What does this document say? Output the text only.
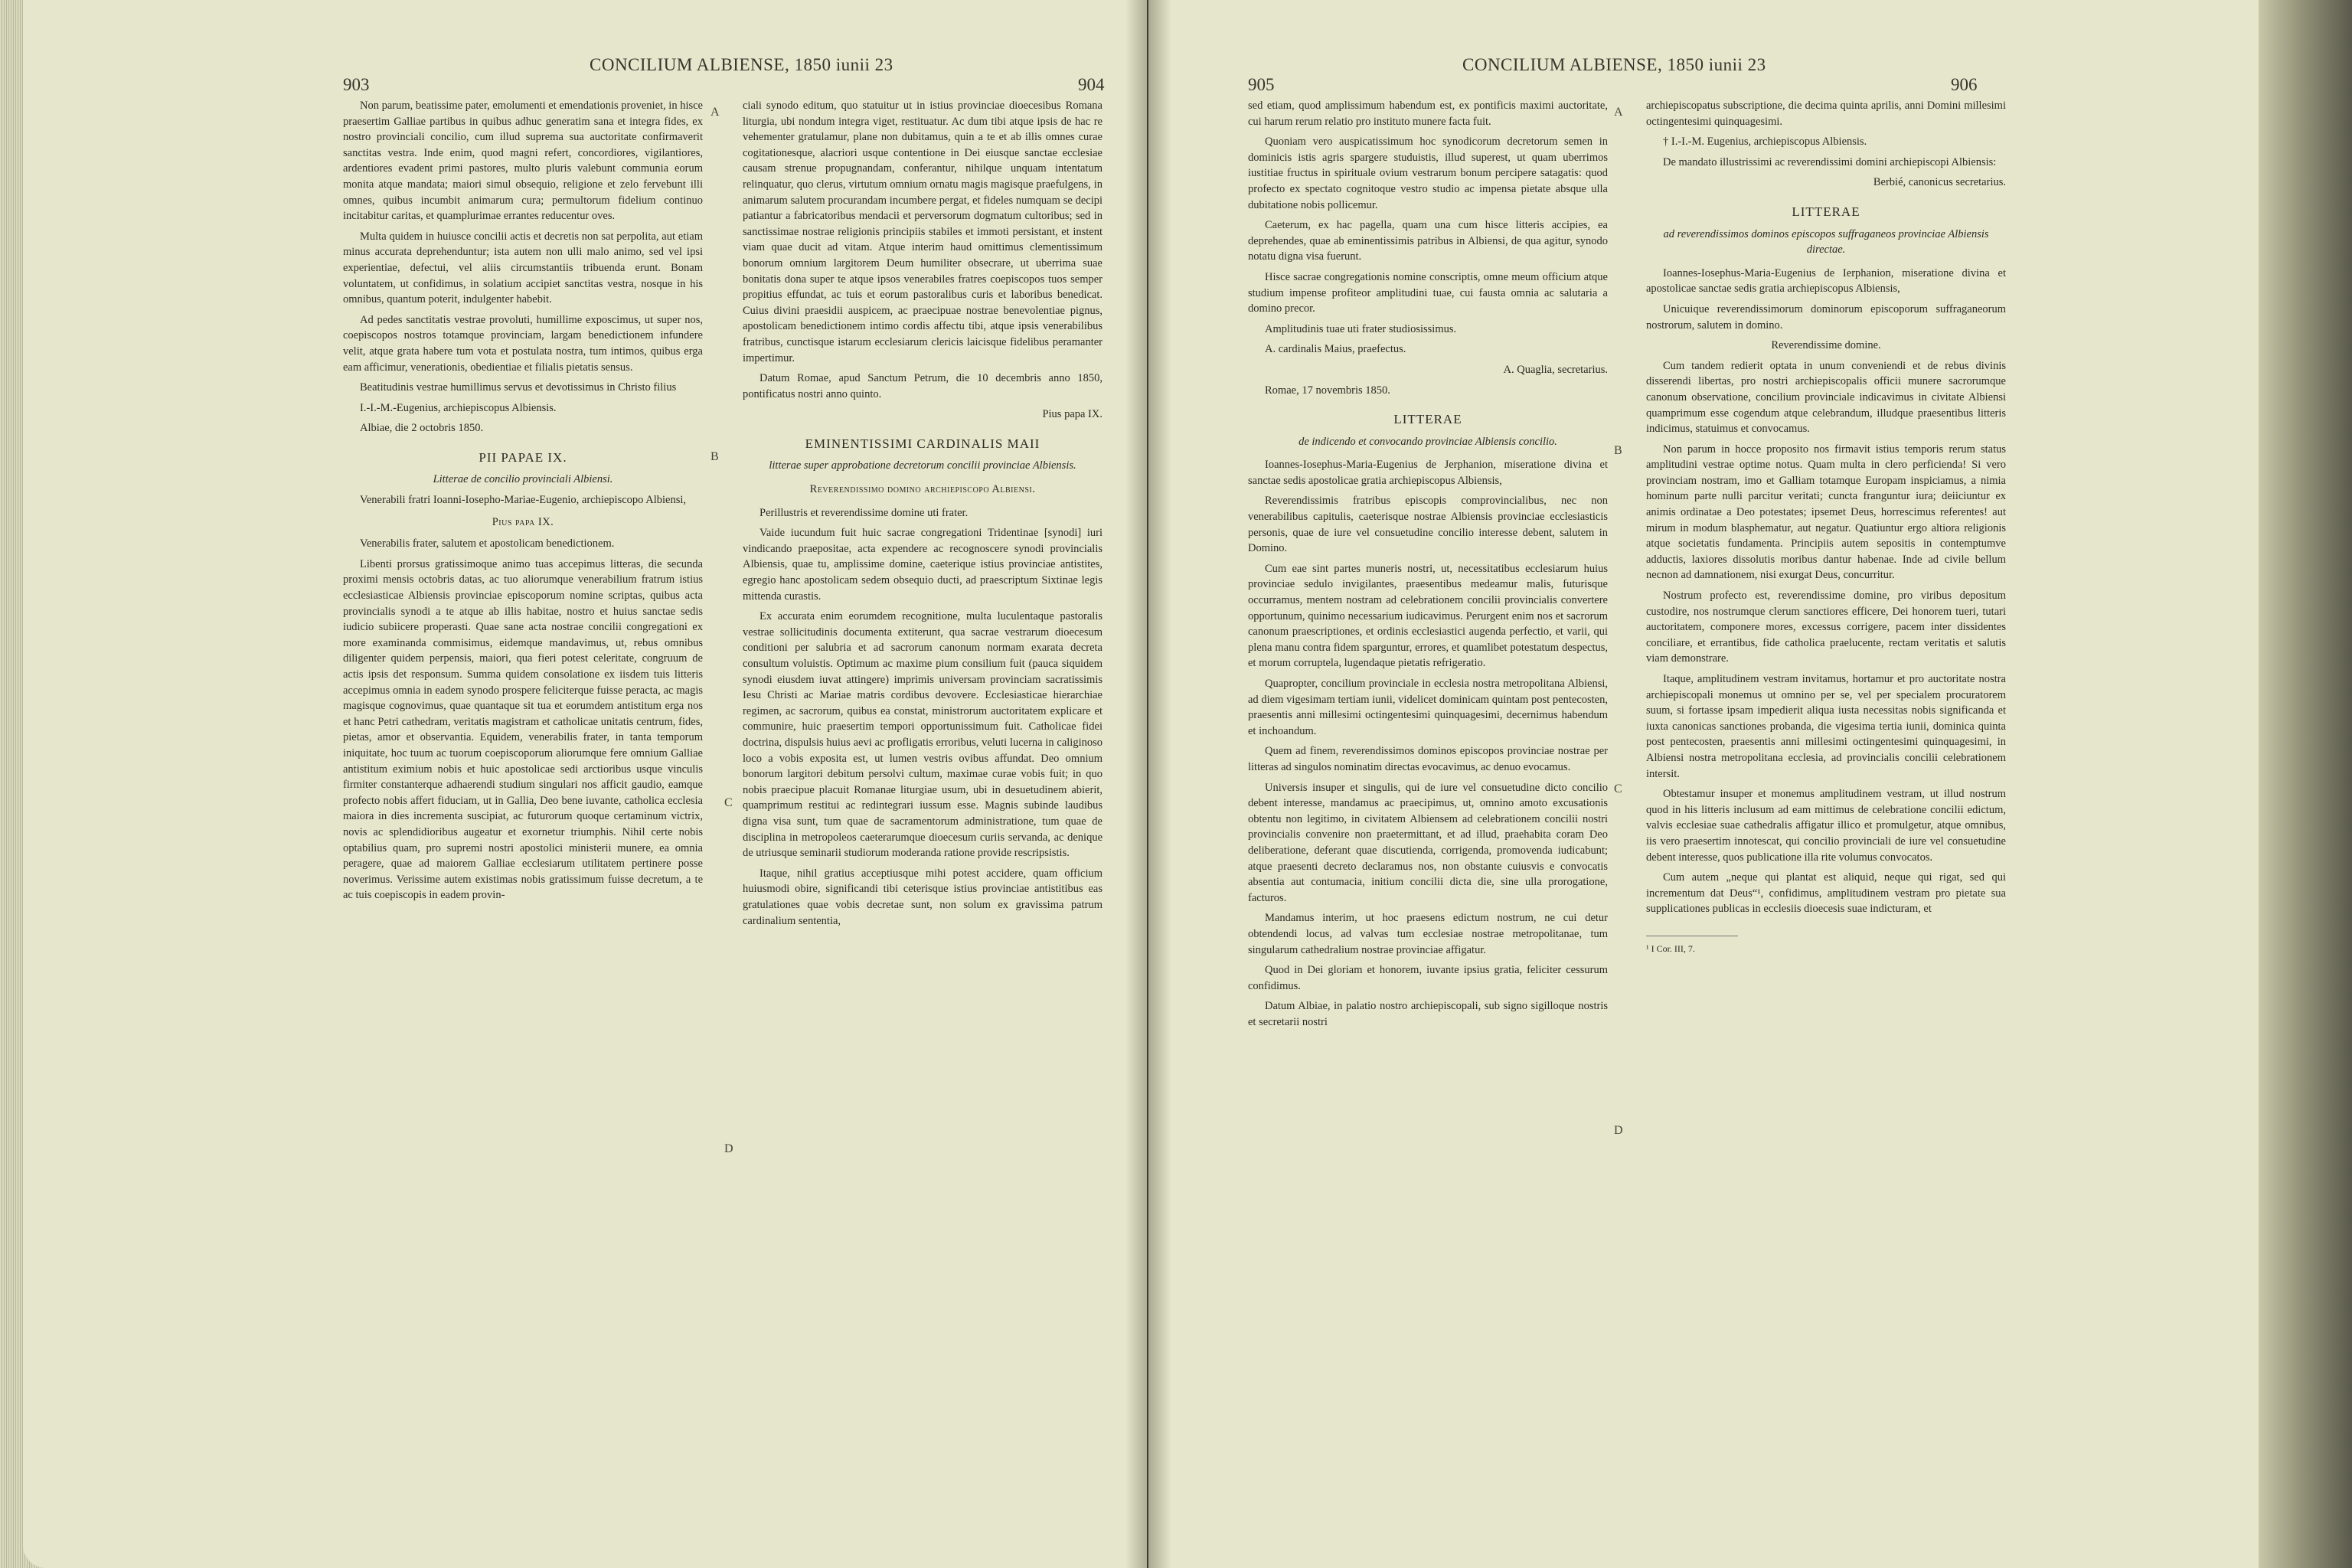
903
CONCILIUM ALBIENSE, 1850 iunii 23
904

Non parum, beatissime pater, emolumenti et emendationis proveniet, in hisce praesertim Galliae partibus in quibus adhuc generatim sana et integra fides, ex nostro provinciali concilio, cum illud suprema sua auctoritate confirmaverit sanctitas vestra. Inde enim, quod magni refert, concordiores, vigilantiores, ardentiores evadent primi pastores, multo pluris valebunt communia eorum monita atque mandata; maiori simul obsequio, religione et zelo fervebunt illi omnes, quibus incumbit animarum cura; permultorum fidelium continuo incitabitur caritas, et quamplurimae errantes reducentur oves.

Multa quidem in huiusce concilii actis et decretis non sat perpolita, aut etiam minus accurata deprehenduntur; ista autem non ulli malo animo, sed vel ipsi experientiae, defectui, vel aliis circumstantiis tribuenda erunt. Bonam voluntatem, ut confidimus, in solatium accipiet sanctitas vestra, nosque in his omnibus, quantum poterit, indulgenter habebit.

Ad pedes sanctitatis vestrae provoluti, humillime exposcimus, ut super nos, coepiscopos nostros totamque provinciam, largam benedictionem infundere velit, atque grata habere tum vota et postulata nostra, tum intimos, quibus erga eam afficimur, venerationis, obedientiae et filialis pietatis sensus.

Beatitudinis vestrae humillimus servus et devotissimus in Christo filius

I.-I.-M.-Eugenius, archiepiscopus Albiensis.

Albiae, die 2 octobris 1850.

PII PAPAE IX.
Litterae de concilio provinciali Albiensi.
Venerabili fratri Ioanni-Iosepho-Mariae-Eugenio, archiepiscopo Albiensi,
Pius papa IX.

Venerabilis frater, salutem et apostolicam benedictionem.

Libenti prorsus gratissimoque animo tuas accepimus litteras, die secunda proximi mensis octobris datas, ac tuo aliorumque venerabilium fratrum istius ecclesiasticae Albiensis provinciae episcoporum nomine scriptas, quibus acta provincialis synodi a te atque ab illis habitae, nostro et huius sanctae sedis iudicio subiicere properasti. Quae sane acta nostrae concilii congregationi ex more examinanda commisimus, eidemque mandavimus, ut, rebus omnibus diligenter quidem perpensis, maiori, qua fieri potest celeritate, congruum de actis ipsis det responsum. Summa quidem consolatione ex iisdem tuis litteris accepimus omnia in eadem synodo prospere feliciterque fuisse peracta, ac magis magisque cognovimus, quae quantaque sit tua et eorumdem antistitum erga nos et hanc Petri cathedram, veritatis magistram et catholicae unitatis centrum, fides, pietas, amor et observantia. Equidem, venerabilis frater, in tanta temporum iniquitate, hoc tuum ac tuorum coepiscoporum aliorumque fere omnium Galliae antistitum eximium nobis et huic apostolicae sedi arctioribus usque vinculis firmiter constanterque adhaerendi studium singulari nos afficit gaudio, eamque profecto nobis affert fiduciam, ut in Gallia, Deo bene iuvante, catholica ecclesia maiora in dies incrementa suscipiat, ac futurorum quoque certaminum victrix, novis ac splendidioribus augeatur et exornetur triumphis. Nihil certe nobis optabilius quam, pro supremi nostri apostolici ministerii munere, ea omnia peragere, quae ad maiorem Galliae ecclesiarum utilitatem pertinere posse noverimus. Verissime autem existimas nobis gratissimum fuisse decretum, a te ac tuis coepiscopis in eadem provin-

ciali synodo editum, quo statuitur ut in istius provinciae dioecesibus Romana liturgia, ubi nondum integra viget, restituatur. Ac dum tibi atque ipsis de hac re vehementer gratulamur, plane non dubitamus, quin a te et ab illis omnes curae cogitationesque, alacriori usque contentione in Dei eiusque sanctae ecclesiae causam strenue propugnandam, conferantur, nihilque unquam intentatum relinquatur, quo clerus, virtutum omnium ornatu magis magisque praefulgens, in animarum salutem procurandam incumbere pergat, et fideles numquam se decipi patiantur a fabricatoribus mendacii et perversorum dogmatum cultoribus; sed in sanctissimae nostrae religionis principiis stabiles et immoti persistant, et instent viam quae ducit ad vitam. Atque interim haud omittimus clementissimum bonorum omnium largitorem Deum humiliter obsecrare, ut uberrima suae bonitatis dona super te atque ipsos venerabiles fratres coepiscopos tuos semper propitius effundat, ac tuis et eorum pastoralibus curis et laboribus benedicat. Cuius divini praesidii auspicem, ac praecipuae nostrae benevolentiae pignus, apostolicam benedictionem intimo cordis affectu tibi, atque ipsis venerabilibus fratribus, cunctisque istarum ecclesiarum clericis laicisque fidelibus peramanter impertimur.

Datum Romae, apud Sanctum Petrum, die 10 decembris anno 1850, pontificatus nostri anno quinto.

Pius papa IX.

EMINENTISSIMI CARDINALIS MAII
litterae super approbatione decretorum concilii provinciae Albiensis.
Reverendissimo domino archiepiscopo Albiensi.

Perillustris et reverendissime domine uti frater.

Vaide iucundum fuit huic sacrae congregationi Tridentinae [synodi] iuri vindicando praepositae, acta expendere ac recognoscere synodi provincialis Albiensis, quae tu, amplissime domine, caeterique istius provinciae antistites, egregio hanc apostolicam sedem obsequio ducti, ad praescriptum Sixtinae legis mittenda curastis.

Ex accurata enim eorumdem recognitione, multa luculentaque pastoralis vestrae sollicitudinis documenta extiterunt, qua sacrae vestrarum dioecesum conditioni per salubria et ad sacrorum canonum normam exarata decreta consultum voluistis. Optimum ac maxime pium consilium fuit (pauca siquidem synodi eiusdem iuvat attingere) imprimis universam provinciam sacratissimis Iesu Christi ac Mariae matris cordibus devovere. Ecclesiasticae hierarchiae regimen, ac sacrorum, quibus ea constat, ministrorum auctoritatem explicare et communire, huic praesertim tempori opportunissimum fuit. Catholicae fidei doctrina, dispulsis huius aevi ac profligatis erroribus, veluti lucerna in caliginoso loco a vobis exposita est, ut lumen vestris ovibus affundat. Deo omnium bonorum largitori debitum persolvi cultum, maximae curae vobis fuit; in quo nobis praecipue placuit Romanae liturgiae usum, ubi in desuetudinem abierit, quamprimum restitui ac redintegrari iussum esse. Magnis subinde laudibus digna visa sunt, tum quae de sacramentorum administratione, tum quae de disciplina in metropoleos caeterarumque dioecesum curiis servanda, ac denique de utriusque seminarii studiorum moderanda ratione provide rescripsistis.

Itaque, nihil gratius acceptiusque mihi potest accidere, quam officium huiusmodi obire, significandi tibi ceterisque istius provinciae antistitibus eas gratulationes quae vobis decretae sunt, non solum ex gravissima patrum cardinalium sententia,

A
B
C
D
905
CONCILIUM ALBIENSE, 1850 iunii 23
906

sed etiam, quod amplissimum habendum est, ex pontificis maximi auctoritate, cui harum rerum relatio pro instituto munere facta fuit.

Quoniam vero auspicatissimum hoc synodicorum decretorum semen in dominicis istis agris spargere studuistis, illud superest, ut quam uberrimos iustitiae fructus in spirituale ovium vestrarum bonum percipere satagatis: quod profecto ex spectato cognitoque vestro studio ac impensa pietate absque ulla dubitatione nobis pollicemur.

Caeterum, ex hac pagella, quam una cum hisce litteris accipies, ea deprehendes, quae ab eminentissimis patribus in Albiensi, de qua agitur, synodo notatu digna visa fuerunt.

Hisce sacrae congregationis nomine conscriptis, omne meum officium atque studium impense profiteor amplitudini tuae, cui fausta omnia ac salutaria a domino precor.

Amplitudinis tuae uti frater studiosissimus.

A. cardinalis Maius, praefectus.

A. Quaglia, secretarius.

Romae, 17 novembris 1850.

LITTERAE
de indicendo et convocando provinciae Albiensis concilio.

Ioannes-Iosephus-Maria-Eugenius de Jerphanion, miseratione divina et sanctae sedis apostolicae gratia archiepiscopus Albiensis,

Reverendissimis fratribus episcopis comprovincialibus, nec non venerabilibus capitulis, caeterisque nostrae Albiensis provinciae ecclesiasticis personis, quae de iure vel consuetudine concilio interesse debent, salutem in Domino.

Cum eae sint partes muneris nostri, ut, necessitatibus ecclesiarum huius provinciae sedulo invigilantes, praesentibus medeamur malis, futurisque occurramus, mentem nostram ad celebrationem concilii provincialis convertere opportunum, quinimo necessarium iudicavimus. Perurgent enim nos et sacrorum canonum praescriptiones, et ordinis ecclesiastici augenda perfectio, et varii, qui plena manu contra fidem sparguntur, errores, et quamlibet potestatum despectus, et morum corruptela, lugendaque pietatis refrigeratio.

Quapropter, concilium provinciale in ecclesia nostra metropolitana Albiensi, ad diem vigesimam tertiam iunii, videlicet dominicam quintam post pentecosten, praesentis anni millesimi octingentesimi quinquagesimi, decernimus habendum et inchoandum.

Quem ad finem, reverendissimos dominos episcopos provinciae nostrae per litteras ad singulos nominatim directas evocavimus, ac denuo evocamus.

Universis insuper et singulis, qui de iure vel consuetudine dicto concilio debent interesse, mandamus ac praecipimus, ut, omnino amoto excusationis obtentu non legitimo, in civitatem Albiensem ad celebrationem concilii nostri provincialis convenire non praetermittant, et ad illud, praehabita coram Deo deliberatione, deferant quae discutienda, corrigenda, promovenda iudicabunt; atque praesenti decreto declaramus nos, non obstante cuiusvis e convocatis absentia aut contumacia, initium concilii dicta die, sine ulla prorogatione, facturos.

Mandamus interim, ut hoc praesens edictum nostrum, ne cui detur obtendendi locus, ad valvas tum ecclesiae nostrae metropolitanae, tum singularum cathedralium nostrae provinciae affigatur.

Quod in Dei gloriam et honorem, iuvante ipsius gratia, feliciter cessurum confidimus.

Datum Albiae, in palatio nostro archiepiscopali, sub signo sigilloque nostris et secretarii nostri

archiepiscopatus subscriptione, die decima quinta aprilis, anni Domini millesimi octingentesimi quinquagesimi.

† I.-I.-M. Eugenius, archiepiscopus Albiensis.

De mandato illustrissimi ac reverendissimi domini archiepiscopi Albiensis:

Berbié, canonicus secretarius.

LITTERAE
ad reverendissimos dominos episcopos suffraganeos provinciae Albiensis directae.

Ioannes-Iosephus-Maria-Eugenius de Ierphanion, miseratione divina et apostolicae sanctae sedis gratia archiepiscopus Albiensis,

Unicuique reverendissimorum dominorum episcoporum suffraganeorum nostrorum, salutem in domino.

Reverendissime domine.

Cum tandem redierit optata in unum conveniendi et de rebus divinis disserendi libertas, pro nostri archiepiscopalis officii munere sacrorumque canonum observatione, concilium provinciale indicavimus in civitate Albiensi quamprimum esse cogendum atque celebrandum, illudque praesentibus litteris indicimus, statuimus et convocamus.

Non parum in hocce proposito nos firmavit istius temporis rerum status amplitudini vestrae optime notus. Quam multa in clero perficienda! Si vero provinciam nostram, imo et Galliam totamque Europam inspiciamus, a nimia hominum parte nulli parcitur veritati; cuncta franguntur iura; deiiciuntur ex animis ordinatae a Deo potestates; ipsemet Deus, horrescimus referentes! aut mirum in modum blasphematur, aut negatur. Quatiuntur ergo altiora religionis atque societatis fundamenta. Principiis autem sepositis in contemptumve adductis, laxiores dissolutis moribus dantur habenae. Inde ad civile bellum necnon ad damnationem, nisi exurgat Deus, concurritur.

Nostrum profecto est, reverendissime domine, pro viribus depositum custodire, nos nostrumque clerum sanctiores efficere, Dei honorem tueri, tutari auctoritatem, componere mores, excessus corrigere, pacem inter dissidentes conciliare, et errantibus, fide catholica praelucente, rectam veritatis et salutis viam demonstrare.

Itaque, amplitudinem vestram invitamus, hortamur et pro auctoritate nostra archiepiscopali monemus ut omnino per se, vel per specialem procuratorem suum, si fortasse ipsam impedierit aliqua iusta necessitas nobis significanda et iuxta canonicas sanctiones probanda, die vigesima tertia iunii, dominica quinta post pentecosten, praesentis anni millesimi octingentesimi quinquagesimi, in Albiensi nostra metropolitana ecclesia, ad provincialis concilii celebrationem intersit.

Obtestamur insuper et monemus amplitudinem vestram, ut illud nostrum quod in his litteris inclusum ad eam mittimus de celebratione concilii edictum, valvis ecclesiae suae cathedralis affigatur illico et promulgetur, atque omnibus, iis vero praesertim innotescat, qui concilio provinciali de iure vel consuetudine debent interesse, quos publicatione illa rite volumus convocatos.

Cum autem „neque qui plantat est aliquid, neque qui rigat, sed qui incrementum dat Deus“¹, confidimus, amplitudinem vestram pro pietate sua supplicationes publicas in ecclesiis dioecesis suae indicturam, et

¹ I Cor. III, 7.

A
B
C
D
